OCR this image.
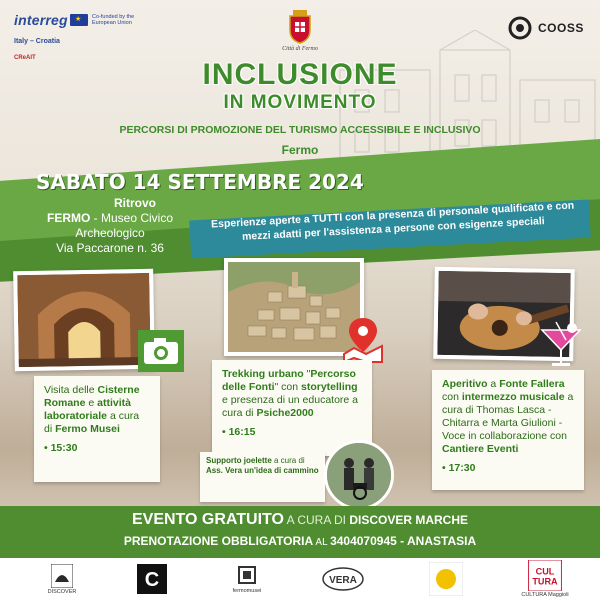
interreg
Italy – Croatia
CReAIT
★
Co-funded by the European Union
Città di Fermo
COOSS
INCLUSIONE
IN MOVIMENTO
PERCORSI DI PROMOZIONE DEL TURISMO ACCESSIBILE E INCLUSIVO
Fermo
SABATO 14 SETTEMBRE 2024
Ritrovo
FERMO - Museo Civico
Archeologico
Via Paccarone n. 36
Esperienze aperte a TUTTI con la presenza di personale qualificato e con mezzi adatti per l'assistenza a persone con esigenze speciali
Visita delle Cisterne Romane e attività laboratoriale a cura di Fermo Musei
• 15:30
Trekking urbano "Percorso delle Fonti" con storytelling e presenza di un educatore a cura di Psiche2000
• 16:15
Aperitivo a Fonte Fallera con intermezzo musicale a cura di Thomas Lasca - Chitarra e Marta Giulioni - Voce in collaborazione con Cantiere Eventi
• 17:30
Supporto joelette a cura di Ass. Vera un'idea di cammino
EVENTO GRATUITO A CURA DI DISCOVER MARCHE
PRENOTAZIONE OBBLIGATORIA AL 3404070945 - ANASTASIA
DISCOVER
C	fermomusei
VERA
CUL
TURA
CULTURA Maggioli
